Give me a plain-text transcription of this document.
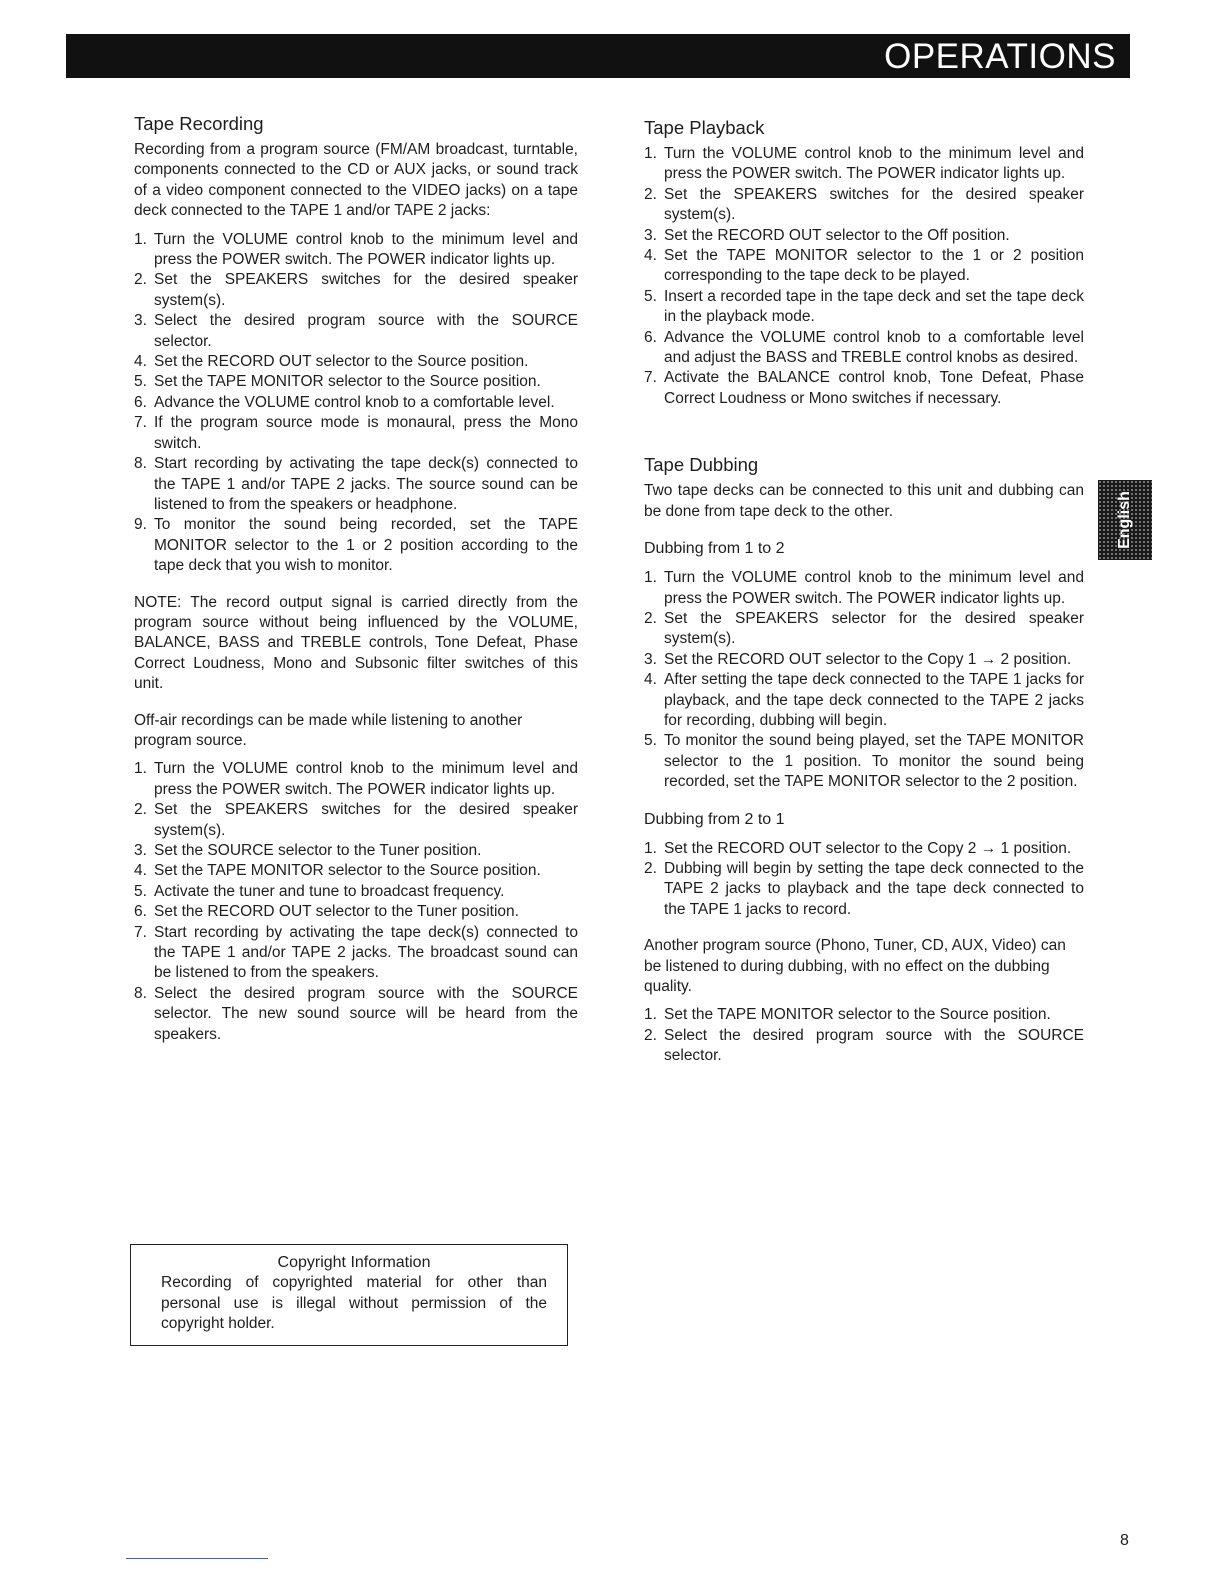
OPERATIONS
Tape Recording

Recording from a program source (FM/AM broadcast, turntable, components connected to the CD or AUX jacks, or sound track of a video component connected to the VIDEO jacks) on a tape deck connected to the TAPE 1 and/or TAPE 2 jacks:

1. Turn the VOLUME control knob to the minimum level and press the POWER switch. The POWER indicator lights up.
2. Set the SPEAKERS switches for the desired speaker system(s).
3. Select the desired program source with the SOURCE selector.
4. Set the RECORD OUT selector to the Source position.
5. Set the TAPE MONITOR selector to the Source position.
6. Advance the VOLUME control knob to a comfortable level.
7. If the program source mode is monaural, press the Mono switch.
8. Start recording by activating the tape deck(s) connected to the TAPE 1 and/or TAPE 2 jacks. The source sound can be listened to from the speakers or headphone.
9. To monitor the sound being recorded, set the TAPE MONITOR selector to the 1 or 2 position according to the tape deck that you wish to monitor.

NOTE: The record output signal is carried directly from the program source without being influenced by the VOLUME, BALANCE, BASS and TREBLE controls, Tone Defeat, Phase Correct Loudness, Mono and Subsonic filter switches of this unit.

Off-air recordings can be made while listening to another program source.
1. Turn the VOLUME control knob to the minimum level and press the POWER switch. The POWER indicator lights up.
2. Set the SPEAKERS switches for the desired speaker system(s).
3. Set the SOURCE selector to the Tuner position.
4. Set the TAPE MONITOR selector to the Source position.
5. Activate the tuner and tune to broadcast frequency.
6. Set the RECORD OUT selector to the Tuner position.
7. Start recording by activating the tape deck(s) connected to the TAPE 1 and/or TAPE 2 jacks. The broadcast sound can be listened to from the speakers.
8. Select the desired program source with the SOURCE selector. The new sound source will be heard from the speakers.
Tape Playback
1. Turn the VOLUME control knob to the minimum level and press the POWER switch. The POWER indicator lights up.
2. Set the SPEAKERS switches for the desired speaker system(s).
3. Set the RECORD OUT selector to the Off position.
4. Set the TAPE MONITOR selector to the 1 or 2 position corresponding to the tape deck to be played.
5. Insert a recorded tape in the tape deck and set the tape deck in the playback mode.
6. Advance the VOLUME control knob to a comfortable level and adjust the BASS and TREBLE control knobs as desired.
7. Activate the BALANCE control knob, Tone Defeat, Phase Correct Loudness or Mono switches if necessary.
Tape Dubbing

Two tape decks can be connected to this unit and dubbing can be done from tape deck to the other.

Dubbing from 1 to 2
1. Turn the VOLUME control knob to the minimum level and press the POWER switch. The POWER indicator lights up.
2. Set the SPEAKERS selector for the desired speaker system(s).
3. Set the RECORD OUT selector to the Copy 1 → 2 position.
4. After setting the tape deck connected to the TAPE 1 jacks for playback, and the tape deck connected to the TAPE 2 jacks for recording, dubbing will begin.
5. To monitor the sound being played, set the TAPE MONITOR selector to the 1 position. To monitor the sound being recorded, set the TAPE MONITOR selector to the 2 position.
Dubbing from 2 to 1
1. Set the RECORD OUT selector to the Copy 2 → 1 position.
2. Dubbing will begin by setting the tape deck connected to the TAPE 2 jacks to playback and the tape deck connected to the TAPE 1 jacks to record.
Another program source (Phono, Tuner, CD, AUX, Video) can be listened to during dubbing, with no effect on the dubbing quality.
1. Set the TAPE MONITOR selector to the Source position.
2. Select the desired program source with the SOURCE selector.
English
Copyright Information

Recording of copyrighted material for other than personal use is illegal without permission of the copyright holder.

8
